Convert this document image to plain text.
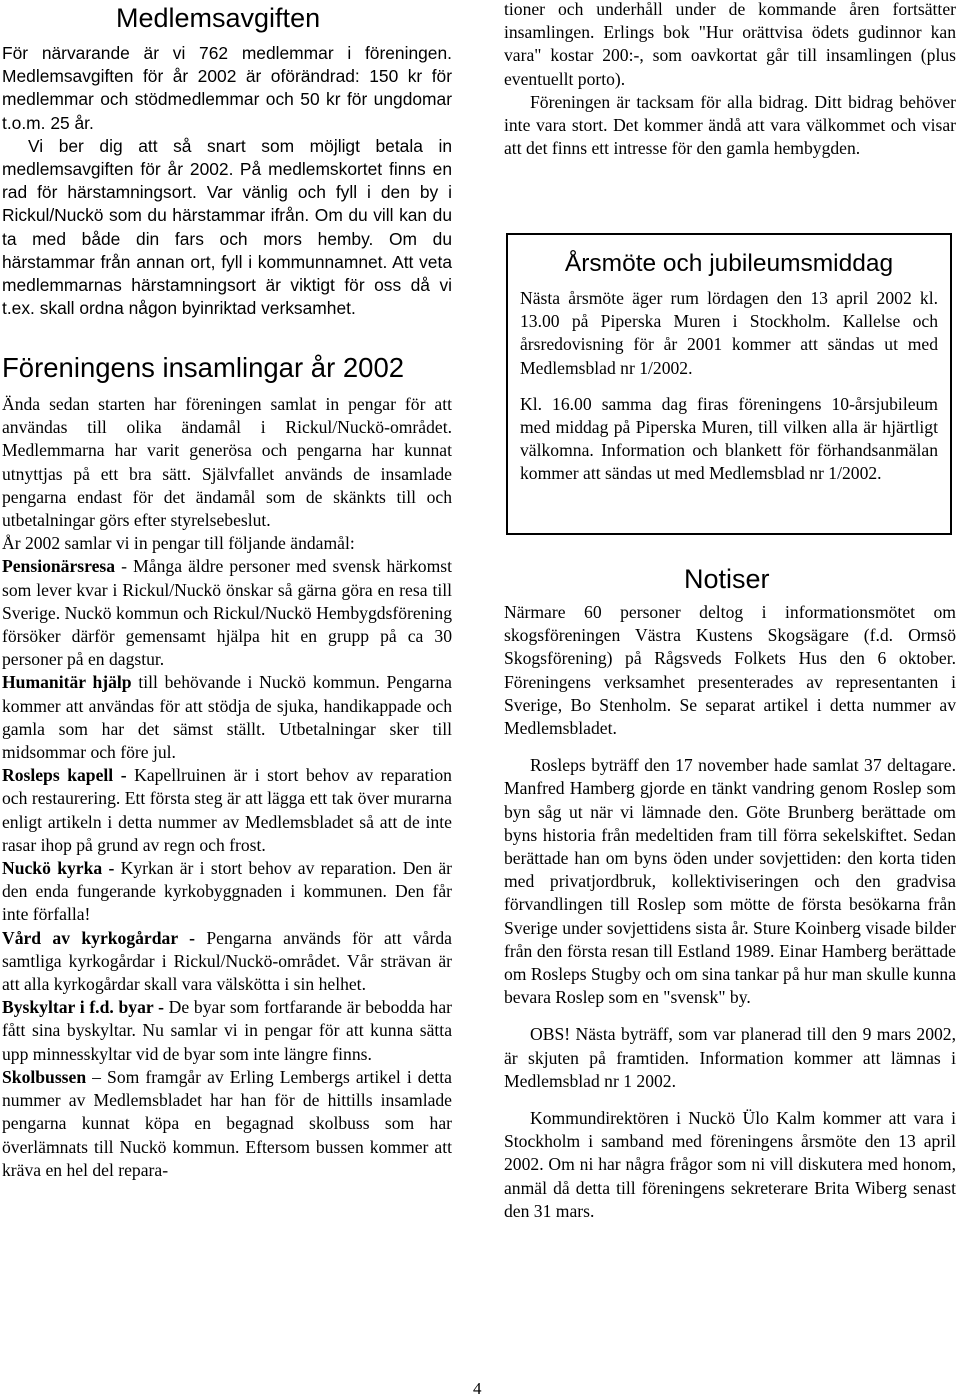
Medlemsavgiften

För närvarande är vi 762 medlemmar i föreningen. Medlemsavgiften för år 2002 är oförändrad: 150 kr för medlemmar och stödmedlemmar och 50 kr för ungdomar t.o.m. 25 år.

Vi ber dig att så snart som möjligt betala in medlemsavgiften för år 2002. På medlemskortet finns en rad för härstamningsort. Var vänlig och fyll i den by i Rickul/Nuckö som du härstammar ifrån. Om du vill kan du ta med både din fars och mors hemby. Om du härstammar från annan ort, fyll i kommunnamnet. Att veta medlemmarnas härstamningsort är viktigt för oss då vi t.ex. skall ordna någon byinriktad verksamhet.

Föreningens insamlingar år 2002

Ända sedan starten har föreningen samlat in pengar för att användas till olika ändamål i Rickul/Nuckö-området. Medlemmarna har varit generösa och pengarna har kunnat utnyttjas på ett bra sätt. Självfallet används de insamlade pengarna endast för det ändamål som de skänkts till och utbetalningar görs efter styrelsebeslut.

År 2002 samlar vi in pengar till följande ändamål:

Pensionärsresa - Många äldre personer med svensk härkomst som lever kvar i Rickul/Nuckö önskar så gärna göra en resa till Sverige. Nuckö kommun och Rickul/Nuckö Hembygdsförening försöker därför gemensamt hjälpa hit en grupp på ca 30 personer på en dagstur.

Humanitär hjälp till behövande i Nuckö kommun. Pengarna kommer att användas för att stödja de sjuka, handikappade och gamla som har det sämst ställt. Utbetalningar sker till midsommar och före jul.

Rosleps kapell - Kapellruinen är i stort behov av reparation och restaurering. Ett första steg är att lägga ett tak över murarna enligt artikeln i detta nummer av Medlemsbladet så att de inte rasar ihop på grund av regn och frost.

Nuckö kyrka - Kyrkan är i stort behov av reparation. Den är den enda fungerande kyrkobyggnaden i kommunen. Den får inte förfalla!

Vård av kyrkogårdar - Pengarna används för att vårda samtliga kyrkogårdar i Rickul/Nuckö-området. Vår strävan är att alla kyrkogårdar skall vara välskötta i sin helhet.

Byskyltar i f.d. byar - De byar som fortfarande är bebodda har fått sina byskyltar. Nu samlar vi in pengar för att kunna sätta upp minnesskyltar vid de byar som inte längre finns.

Skolbussen – Som framgår av Erling Lembergs artikel i detta nummer av Medlemsbladet har han för de hittills insamlade pengarna kunnat köpa en begagnad skolbuss som har överlämnats till Nuckö kommun. Eftersom bussen kommer att kräva en hel del repara-

tioner och underhåll under de kommande åren fortsätter insamlingen. Erlings bok "Hur orättvisa ödets gudinnor kan vara" kostar 200:-, som oavkortat går till insamlingen (plus eventuellt porto).

Föreningen är tacksam för alla bidrag. Ditt bidrag behöver inte vara stort. Det kommer ändå att vara välkommet och visar att det finns ett intresse för den gamla hembygden.

Årsmöte och jubileumsmiddag

Nästa årsmöte äger rum lördagen den 13 april 2002 kl. 13.00 på Piperska Muren i Stockholm. Kallelse och årsredovisning för år 2001 kommer att sändas ut med Medlemsblad nr 1/2002.

Kl. 16.00 samma dag firas föreningens 10-årsjubileum med middag på Piperska Muren, till vilken alla är hjärtligt välkomna. Information och blankett för förhandsanmälan kommer att sändas ut med Medlemsblad nr 1/2002.

Notiser

Närmare 60 personer deltog i informationsmötet om skogsföreningen Västra Kustens Skogsägare (f.d. Ormsö Skogsförening) på Rågsveds Folkets Hus den 6 oktober. Föreningens verksamhet presenterades av representanten i Sverige, Bo Stenholm. Se separat artikel i detta nummer av Medlemsbladet.

Rosleps byträff den 17 november hade samlat 37 deltagare. Manfred Hamberg gjorde en tänkt vandring genom Roslep som byn såg ut när vi lämnade den. Göte Brunberg berättade om byns historia från medeltiden fram till förra sekelskiftet. Sedan berättade han om byns öden under sovjettiden: den korta tiden med privatjordbruk, kollektiviseringen och den gradvisa förvandlingen till Roslep som mötte de första besökarna från Sverige under sovjettidens sista år. Sture Koinberg visade bilder från den första resan till Estland 1989. Einar Hamberg berättade om Rosleps Stugby och om sina tankar på hur man skulle kunna bevara Roslep som en "svensk" by.

OBS! Nästa byträff, som var planerad till den 9 mars 2002, är skjuten på framtiden. Information kommer att lämnas i Medlemsblad nr 1 2002.

Kommundirektören i Nuckö Ülo Kalm kommer att vara i Stockholm i samband med föreningens årsmöte den 13 april 2002. Om ni har några frågor som ni vill diskutera med honom, anmäl då detta till föreningens sekreterare Brita Wiberg senast den 31 mars.

4
